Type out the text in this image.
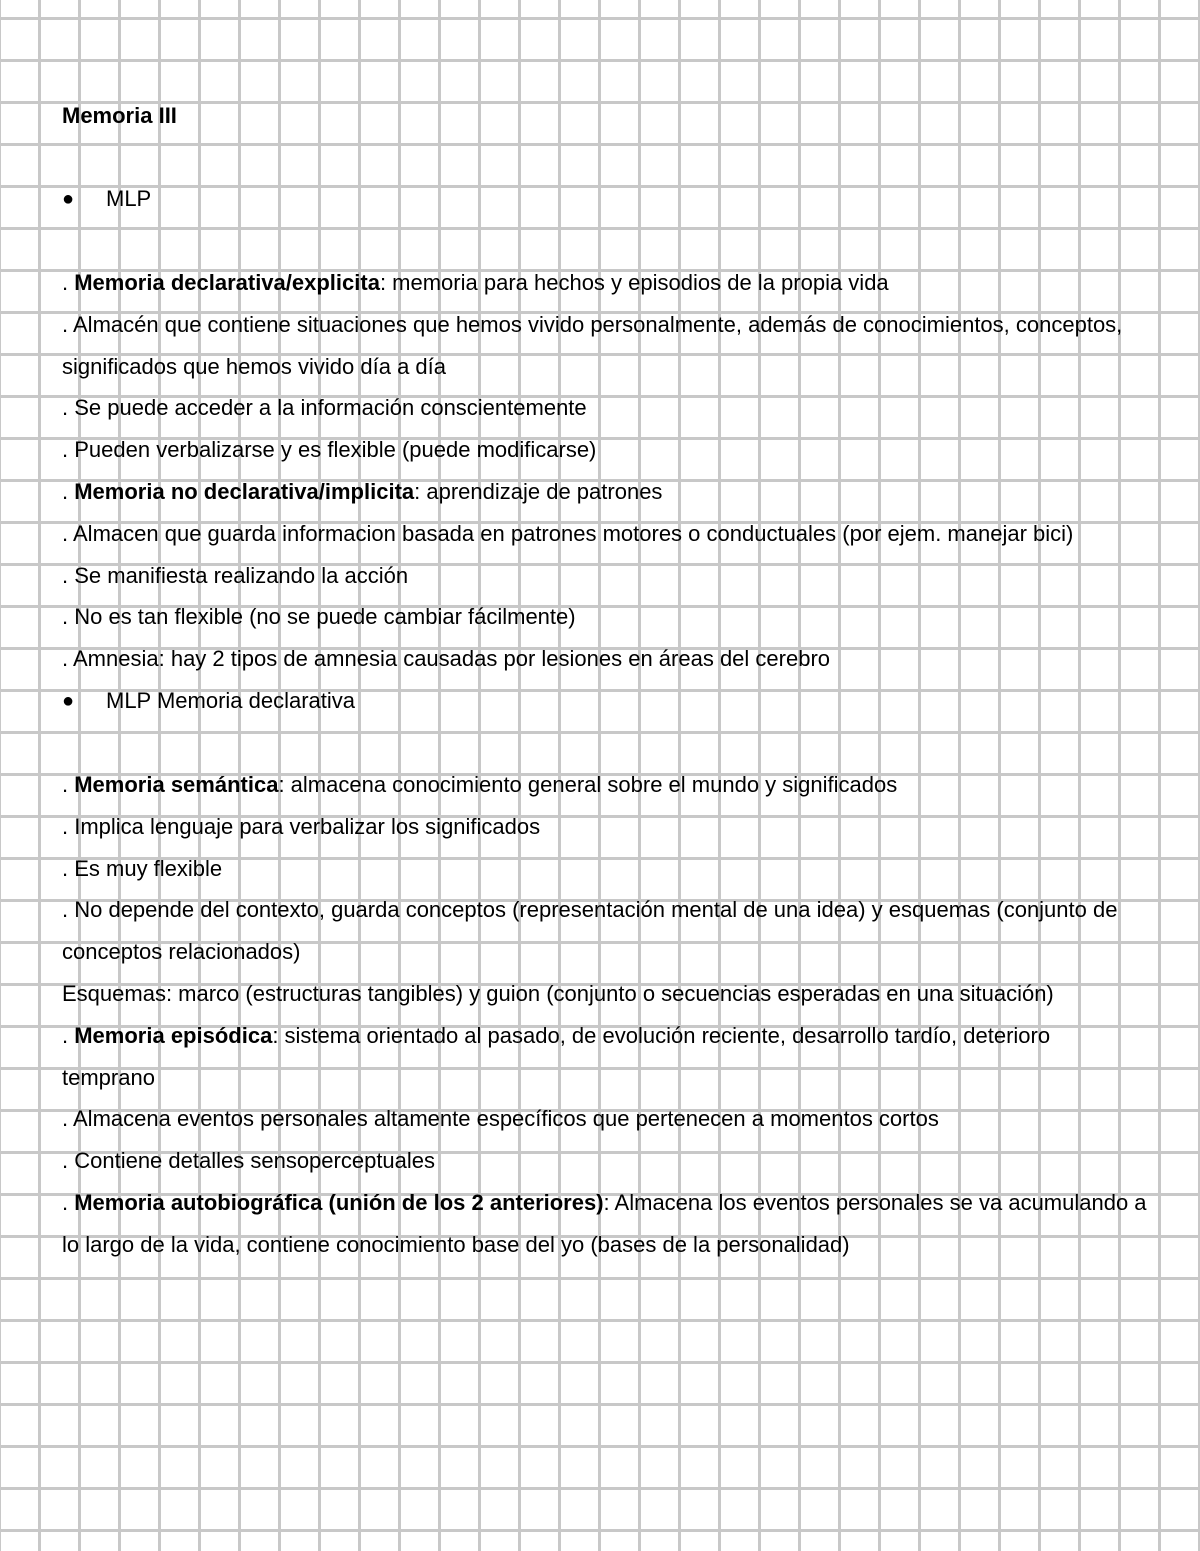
Memoria III

●	MLP

. Memoria declarativa/explicita: memoria para hechos y episodios de la propia vida

. Almacén que contiene situaciones que hemos vivido personalmente, además de conocimientos, conceptos, significados que hemos vivido día a día

. Se puede acceder a la información conscientemente

. Pueden verbalizarse y es flexible (puede modificarse)

. Memoria no declarativa/implicita: aprendizaje de patrones

. Almacen que guarda informacion basada en patrones motores o conductuales (por ejem. manejar bici)

. Se manifiesta realizando la acción

. No es tan flexible (no se puede cambiar fácilmente)

. Amnesia: hay 2 tipos de amnesia causadas por lesiones en áreas del cerebro

●	MLP Memoria declarativa

. Memoria semántica: almacena conocimiento general sobre el mundo y significados

. Implica lenguaje para verbalizar los significados

. Es muy flexible

. No depende del contexto, guarda conceptos (representación mental de una idea) y esquemas (conjunto de conceptos relacionados)

Esquemas: marco (estructuras tangibles) y guion (conjunto o secuencias esperadas en una situación)

. Memoria episódica: sistema orientado al pasado, de evolución reciente, desarrollo tardío, deterioro temprano

. Almacena eventos personales altamente específicos que pertenecen a momentos cortos

. Contiene detalles sensoperceptuales

. Memoria autobiográfica (unión de los 2 anteriores): Almacena los eventos personales se va acumulando a lo largo de la vida, contiene conocimiento base del yo (bases de la personalidad)
